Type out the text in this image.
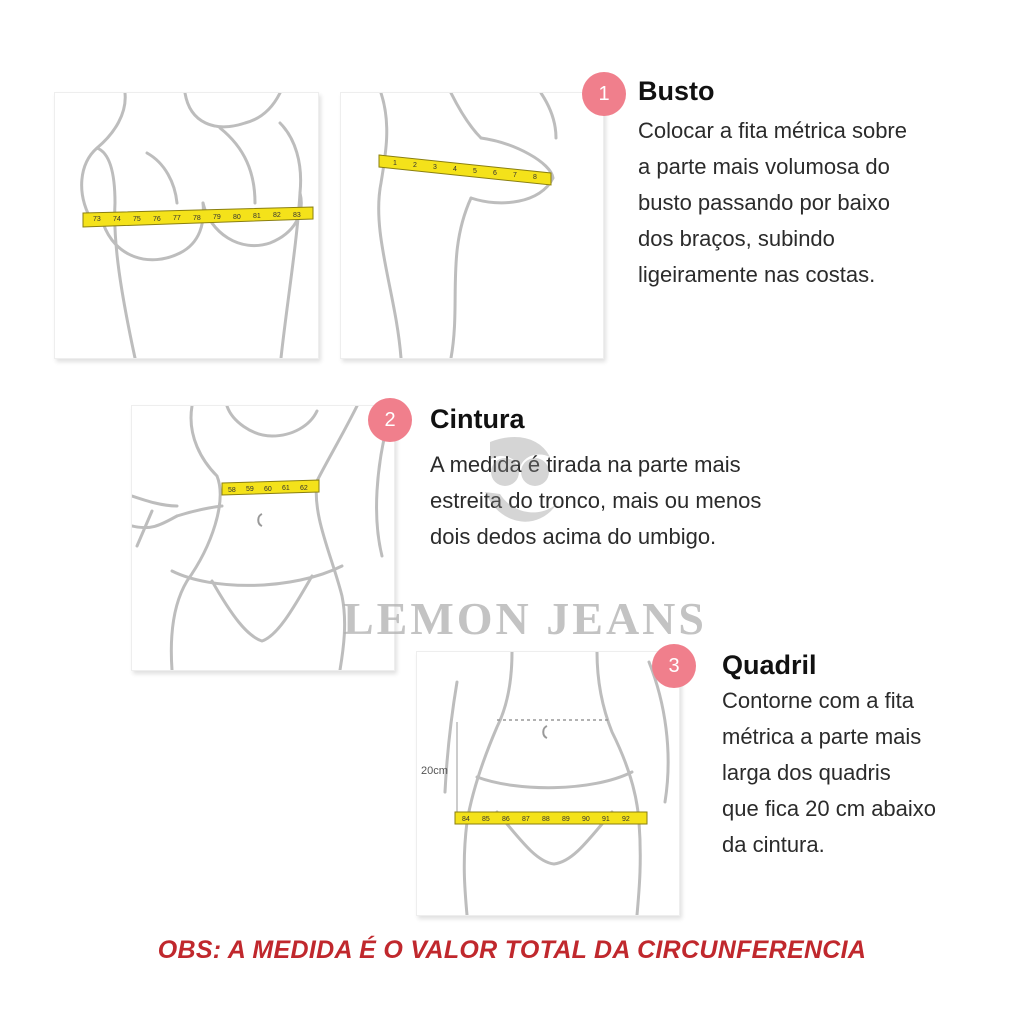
73 74 75 76 77 78 79 80 81 82 83
1 2 3 4 5 6 7 8
1 Busto
Colocar a fita métrica sobre
a parte mais volumosa do
busto passando por baixo
dos braços, subindo
ligeiramente nas costas.
58 59 60 61 62
2 Cintura
A medida é tirada na parte mais
estreita do tronco, mais ou menos
dois dedos acima do umbigo.
LEMON JEANS
20cm
84 85 86 87 88 89 90 91 92
3 Quadril
Contorne com a fita
métrica a parte mais
larga dos quadris
que fica 20 cm abaixo
da cintura.
OBS: A MEDIDA É O VALOR TOTAL DA CIRCUNFERENCIA
